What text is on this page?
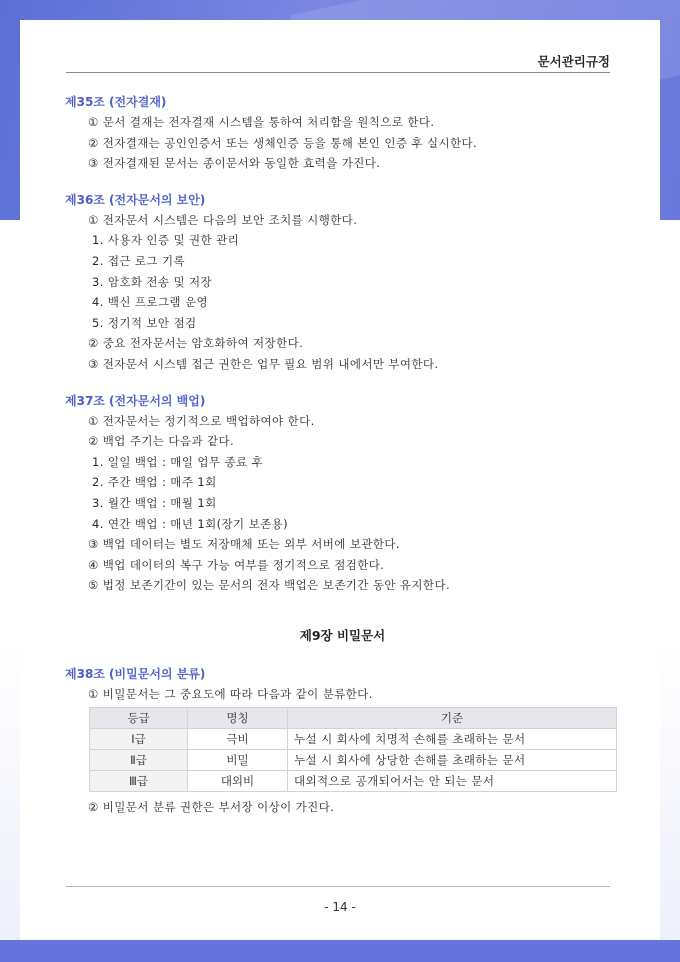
문서관리규정
제35조 (전자결재)
① 문서 결재는 전자결재 시스템을 통하여 처리함을 원칙으로 한다.
② 전자결재는 공인인증서 또는 생체인증 등을 통해 본인 인증 후 실시한다.
③ 전자결재된 문서는 종이문서와 동일한 효력을 가진다.
제36조 (전자문서의 보안)
① 전자문서 시스템은 다음의 보안 조치를 시행한다.
1. 사용자 인증 및 권한 관리
2. 접근 로그 기록
3. 암호화 전송 및 저장
4. 백신 프로그램 운영
5. 정기적 보안 점검
② 중요 전자문서는 암호화하여 저장한다.
③ 전자문서 시스템 접근 권한은 업무 필요 범위 내에서만 부여한다.
제37조 (전자문서의 백업)
① 전자문서는 정기적으로 백업하여야 한다.
② 백업 주기는 다음과 같다.
1. 일일 백업 : 매일 업무 종료 후
2. 주간 백업 : 매주 1회
3. 월간 백업 : 매월 1회
4. 연간 백업 : 매년 1회(장기 보존용)
③ 백업 데이터는 별도 저장매체 또는 외부 서버에 보관한다.
④ 백업 데이터의 복구 가능 여부를 정기적으로 점검한다.
⑤ 법정 보존기간이 있는 문서의 전자 백업은 보존기간 동안 유지한다.
제9장 비밀문서
제38조 (비밀문서의 분류)
① 비밀문서는 그 중요도에 따라 다음과 같이 분류한다.
등급	명칭	기준
Ⅰ급	극비	누설 시 회사에 치명적 손해를 초래하는 문서
Ⅱ급	비밀	누설 시 회사에 상당한 손해를 초래하는 문서
Ⅲ급	대외비	대외적으로 공개되어서는 안 되는 문서
② 비밀문서 분류 권한은 부서장 이상이 가진다.
- 14 -
